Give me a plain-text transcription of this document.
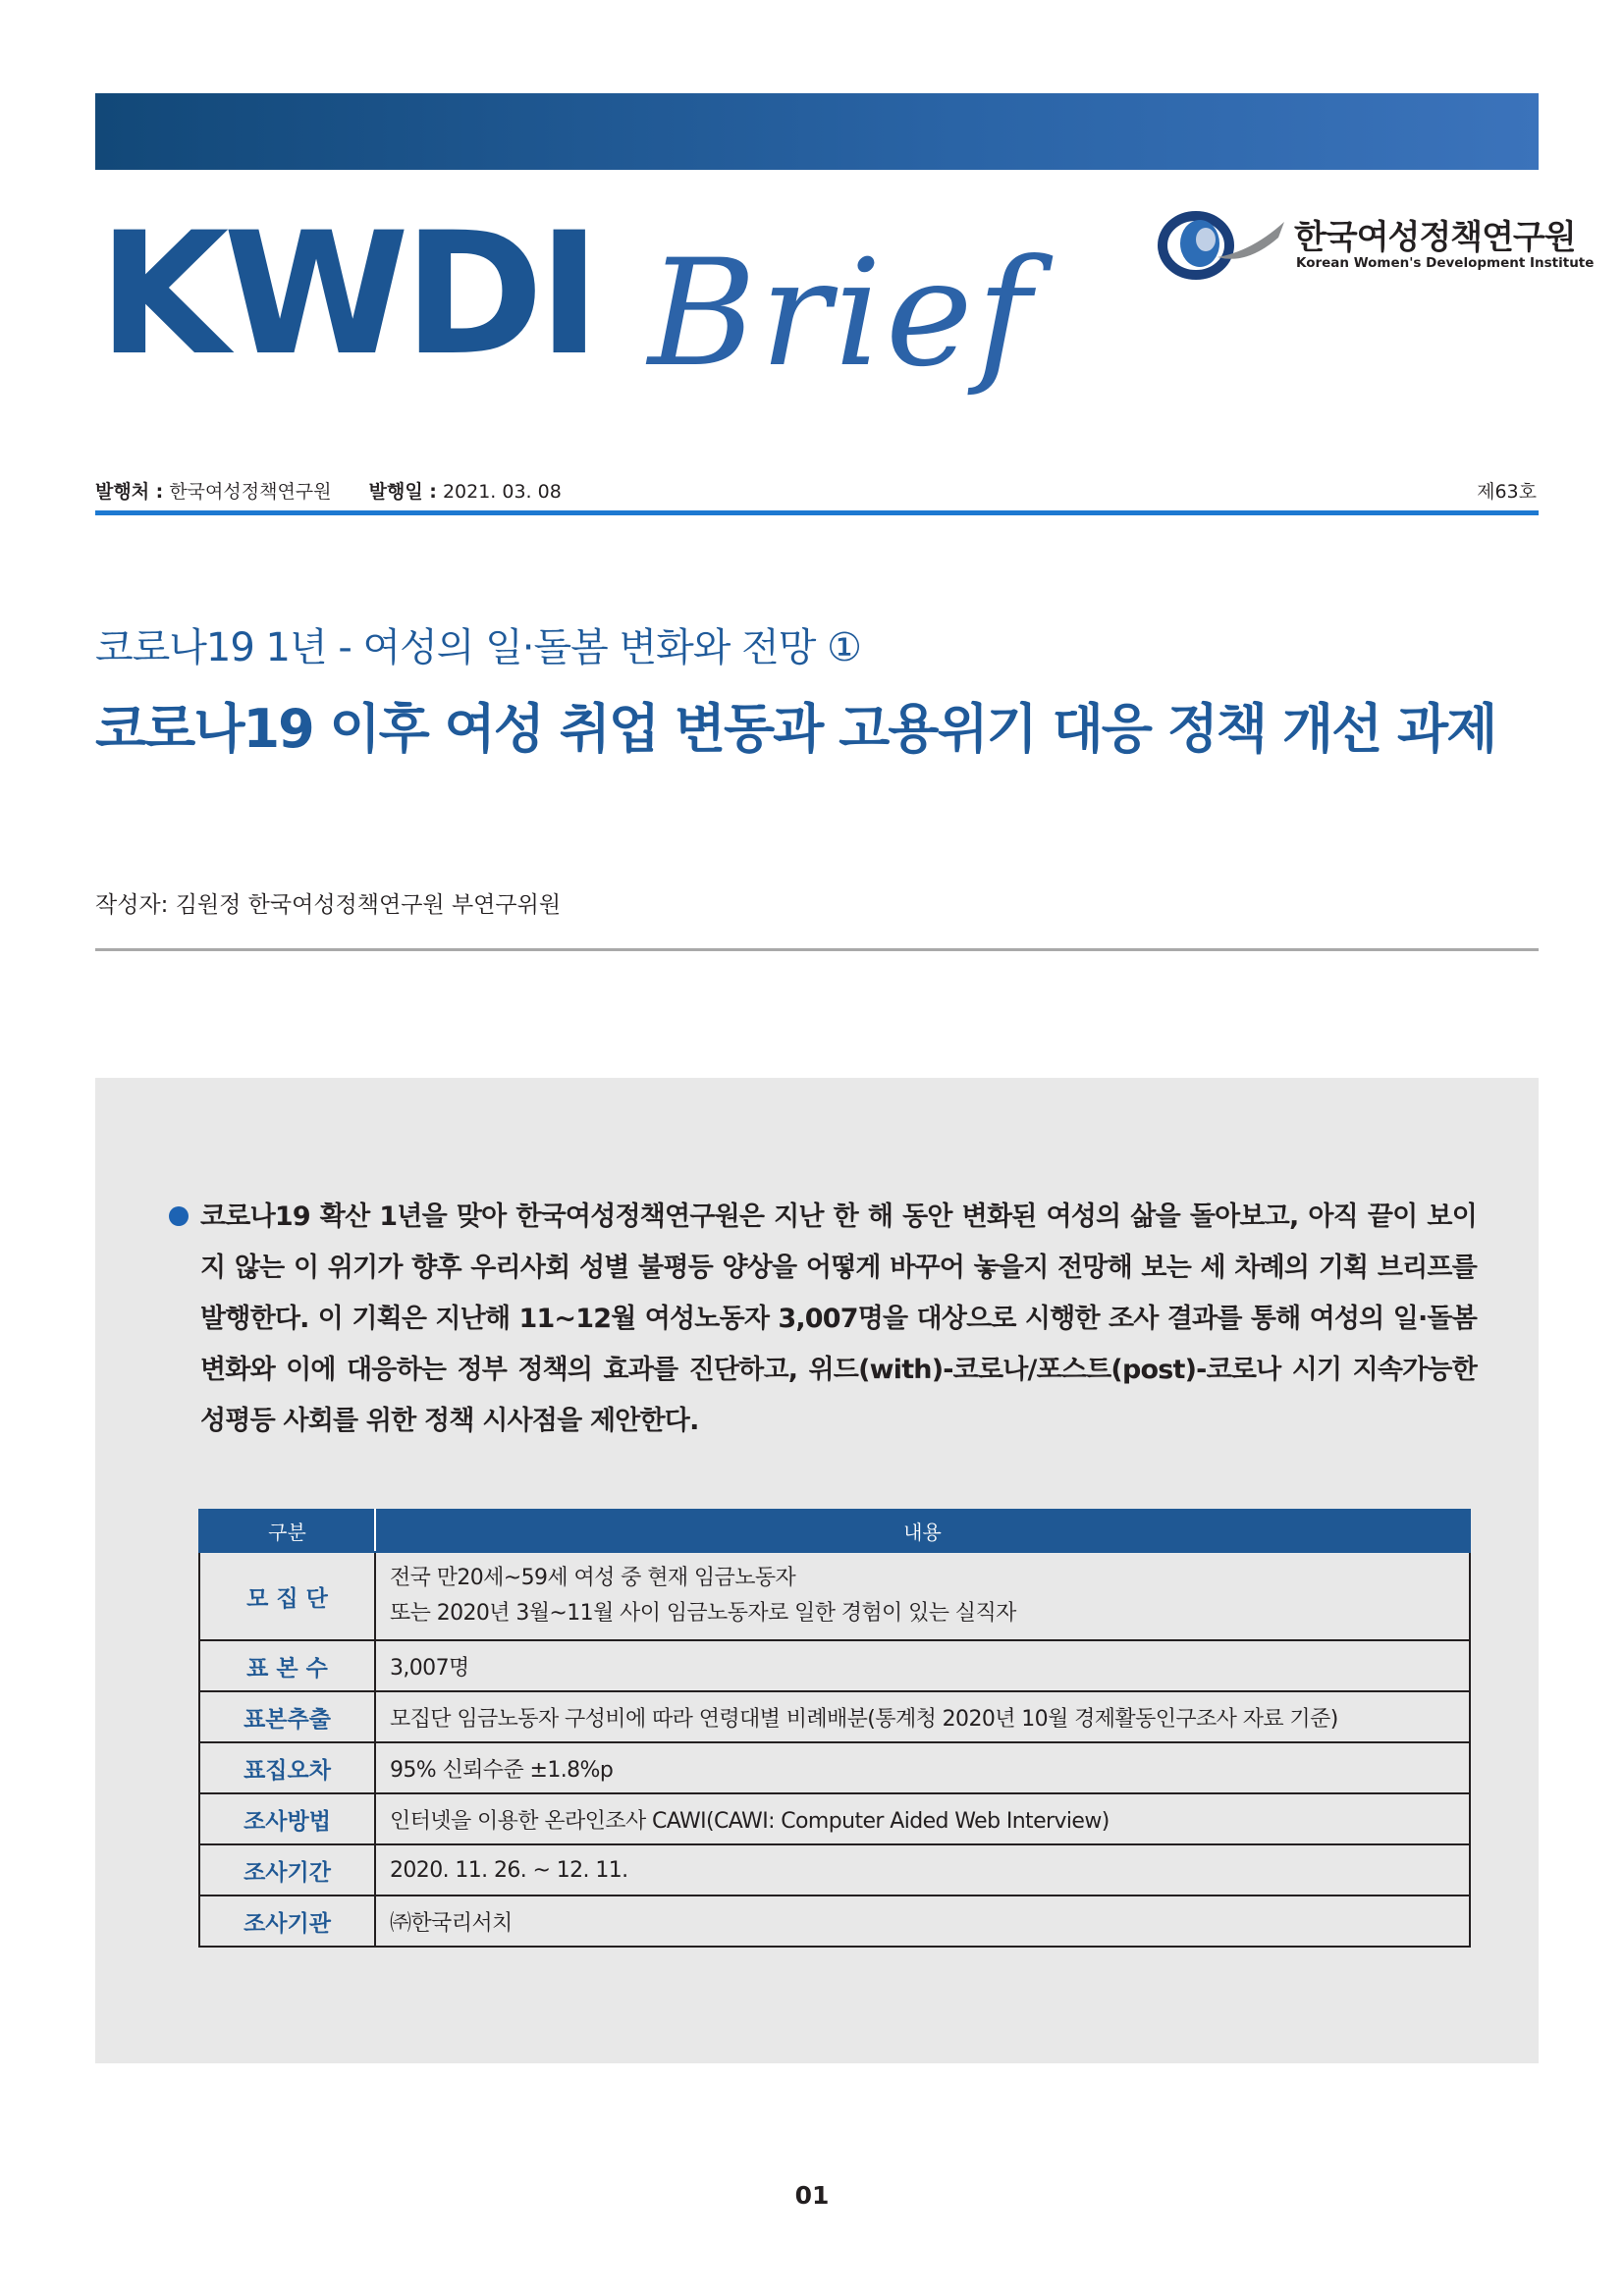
KWDI Brief	한국여성정책연구원
Korean Women's Development Institute
발행처 : 한국여성정책연구원 발행일 : 2021. 03. 08	제63호
코로나19 1년 - 여성의 일·돌봄 변화와 전망 ①
코로나19 이후 여성 취업 변동과 고용위기 대응 정책 개선 과제
작성자: 김원정 한국여성정책연구원 부연구위원
코로나19 확산 1년을 맞아 한국여성정책연구원은 지난 한 해 동안 변화된 여성의 삶을 돌아보고, 아직 끝이 보이지 않는 이 위기가 향후 우리사회 성별 불평등 양상을 어떻게 바꾸어 놓을지 전망해 보는 세 차례의 기획 브리프를 발행한다. 이 기획은 지난해 11~12월 여성노동자 3,007명을 대상으로 시행한 조사 결과를 통해 여성의 일·돌봄 변화와 이에 대응하는 정부 정책의 효과를 진단하고, 위드(with)-코로나/포스트(post)-코로나 시기 지속가능한 성평등 사회를 위한 정책 시사점을 제안한다.
구분	내용
모 집 단	전국 만20세~59세 여성 중 현재 임금노동자
또는 2020년 3월~11월 사이 임금노동자로 일한 경험이 있는 실직자

표 본 수	3,007명
표본추출	모집단 임금노동자 구성비에 따라 연령대별 비례배분(통계청 2020년 10월 경제활동인구조사 자료 기준)
표집오차	95% 신뢰수준 ±1.8%p
조사방법	인터넷을 이용한 온라인조사 CAWI(CAWI: Computer Aided Web Interview)
조사기간	2020. 11. 26. ~ 12. 11.
조사기관	㈜한국리서치
01
